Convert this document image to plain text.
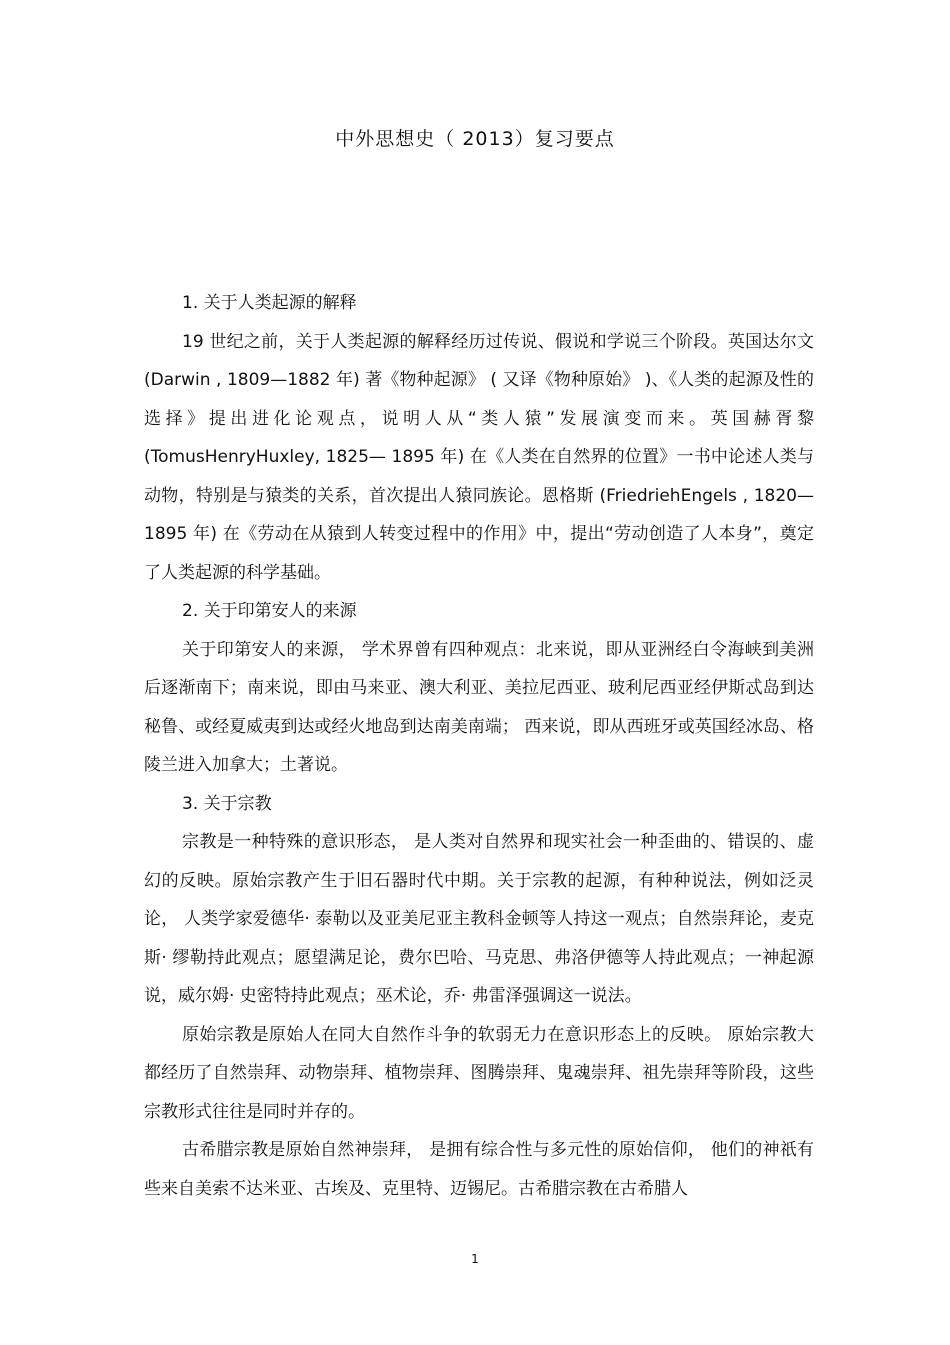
中外思想史（ 2013）复习要点

1. 关于人类起源的解释

19 世纪之前，关于人类起源的解释经历过传说、假说和学说三个阶段。英国达尔文 (Darwin , 1809—1882 年) 著《物种起源》 ( 又译《物种原始》 )、《人类的起源及性的选择》提出进化论观点，说明人从“类人猿”发展演变而来。英国赫胥黎 (TomusHenryHuxley, 1825— 1895 年) 在《人类在自然界的位置》一书中论述人类与动物，特别是与猿类的关系，首次提出人猿同族论。恩格斯 (FriedriehEngels , 1820— 1895 年) 在《劳动在从猿到人转变过程中的作用》中，提出“劳动创造了人本身”，奠定了人类起源的科学基础。

2. 关于印第安人的来源

关于印第安人的来源， 学术界曾有四种观点：北来说，即从亚洲经白令海峡到美洲后逐渐南下；南来说，即由马来亚、澳大利亚、美拉尼西亚、玻利尼西亚经伊斯忒岛到达秘鲁、或经夏威夷到达或经火地岛到达南美南端； 西来说，即从西班牙或英国经冰岛、格陵兰进入加拿大；土著说。

3. 关于宗教

宗教是一种特殊的意识形态， 是人类对自然界和现实社会一种歪曲的、错误的、虚幻的反映。原始宗教产生于旧石器时代中期。关于宗教的起源，有种种说法，例如泛灵论， 人类学家爱德华· 泰勒以及亚美尼亚主教科金顿等人持这一观点；自然崇拜论，麦克斯· 缪勒持此观点；愿望满足论，费尔巴哈、马克思、弗洛伊德等人持此观点；一神起源说，威尔姆· 史密特持此观点；巫术论，乔· 弗雷泽强调这一说法。

原始宗教是原始人在同大自然作斗争的软弱无力在意识形态上的反映。 原始宗教大都经历了自然崇拜、动物崇拜、植物崇拜、图腾崇拜、鬼魂崇拜、祖先崇拜等阶段，这些宗教形式往往是同时并存的。

古希腊宗教是原始自然神崇拜， 是拥有综合性与多元性的原始信仰， 他们的神祇有些来自美索不达米亚、古埃及、克里特、迈锡尼。古希腊宗教在古希腊人

1
